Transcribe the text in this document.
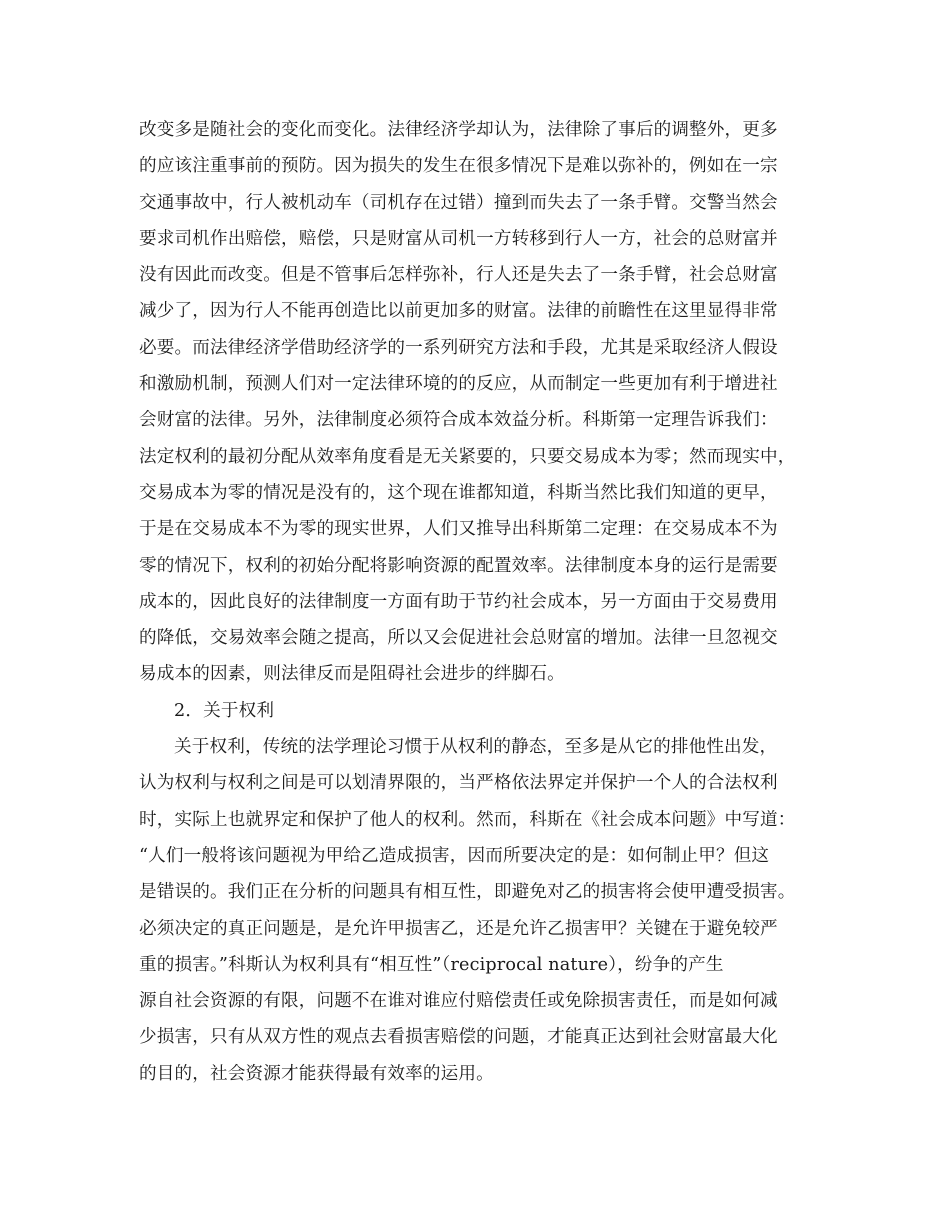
改变多是随社会的变化而变化。法律经济学却认为，法律除了事后的调整外，更多
的应该注重事前的预防。因为损失的发生在很多情况下是难以弥补的，例如在一宗
交通事故中，行人被机动车（司机存在过错）撞到而失去了一条手臂。交警当然会
要求司机作出赔偿，赔偿，只是财富从司机一方转移到行人一方，社会的总财富并
没有因此而改变。但是不管事后怎样弥补，行人还是失去了一条手臂，社会总财富
减少了，因为行人不能再创造比以前更加多的财富。法律的前瞻性在这里显得非常
必要。而法律经济学借助经济学的一系列研究方法和手段，尤其是采取经济人假设
和激励机制，预测人们对一定法律环境的的反应，从而制定一些更加有利于增进社
会财富的法律。另外，法律制度必须符合成本效益分析。科斯第一定理告诉我们：
法定权利的最初分配从效率角度看是无关紧要的，只要交易成本为零；然而现实中，
交易成本为零的情况是没有的，这个现在谁都知道，科斯当然比我们知道的更早，
于是在交易成本不为零的现实世界，人们又推导出科斯第二定理：在交易成本不为
零的情况下，权利的初始分配将影响资源的配置效率。法律制度本身的运行是需要
成本的，因此良好的法律制度一方面有助于节约社会成本，另一方面由于交易费用
的降低，交易效率会随之提高，所以又会促进社会总财富的增加。法律一旦忽视交
易成本的因素，则法律反而是阻碍社会进步的绊脚石。
2．关于权利
关于权利，传统的法学理论习惯于从权利的静态，至多是从它的排他性出发，
认为权利与权利之间是可以划清界限的，当严格依法界定并保护一个人的合法权利
时，实际上也就界定和保护了他人的权利。然而，科斯在《社会成本问题》中写道：
“人们一般将该问题视为甲给乙造成损害，因而所要决定的是：如何制止甲？但这
是错误的。我们正在分析的问题具有相互性，即避免对乙的损害将会使甲遭受损害。
必须决定的真正问题是，是允许甲损害乙，还是允许乙损害甲？关键在于避免较严
重的损害。”科斯认为权利具有“相互性”（reciprocal nature），纷争的产生
源自社会资源的有限，问题不在谁对谁应付赔偿责任或免除损害责任，而是如何减
少损害，只有从双方性的观点去看损害赔偿的问题，才能真正达到社会财富最大化
的目的，社会资源才能获得最有效率的运用。
